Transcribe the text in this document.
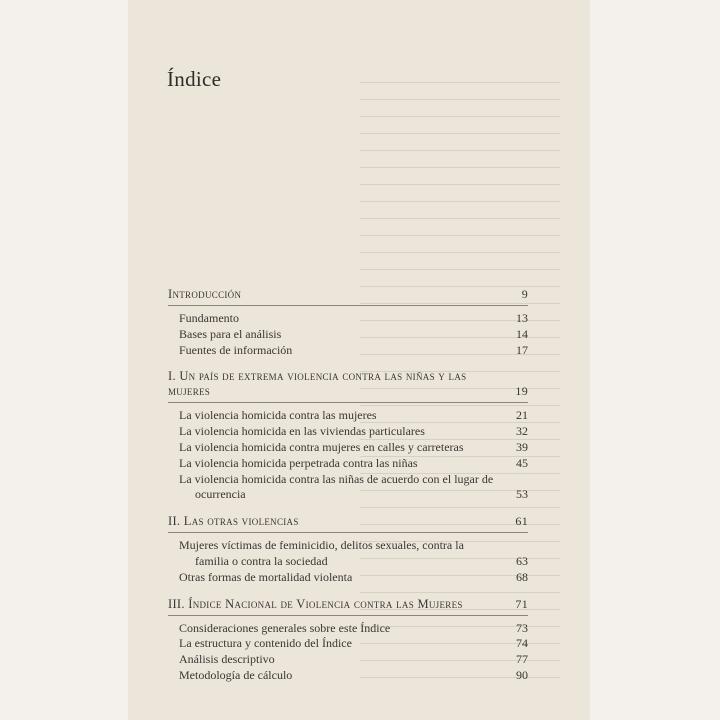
Índice
Introducción	9
Fundamento	13
Bases para el análisis	14
Fuentes de información	17
I. Un país de extrema violencia contra las niñas y las mujeres	19
La violencia homicida contra las mujeres	21
La violencia homicida en las viviendas particulares	32
La violencia homicida contra mujeres en calles y carreteras	39
La violencia homicida perpetrada contra las niñas	45
La violencia homicida contra las niñas de acuerdo con el lugar de ocurrencia	53
II. Las otras violencias	61
Mujeres víctimas de feminicidio, delitos sexuales, contra la familia o contra la sociedad	63
Otras formas de mortalidad violenta	68
III. Índice Nacional de Violencia contra las Mujeres	71
Consideraciones generales sobre este Índice	73
La estructura y contenido del Índice	74
Análisis descriptivo	77
Metodología de cálculo	90
